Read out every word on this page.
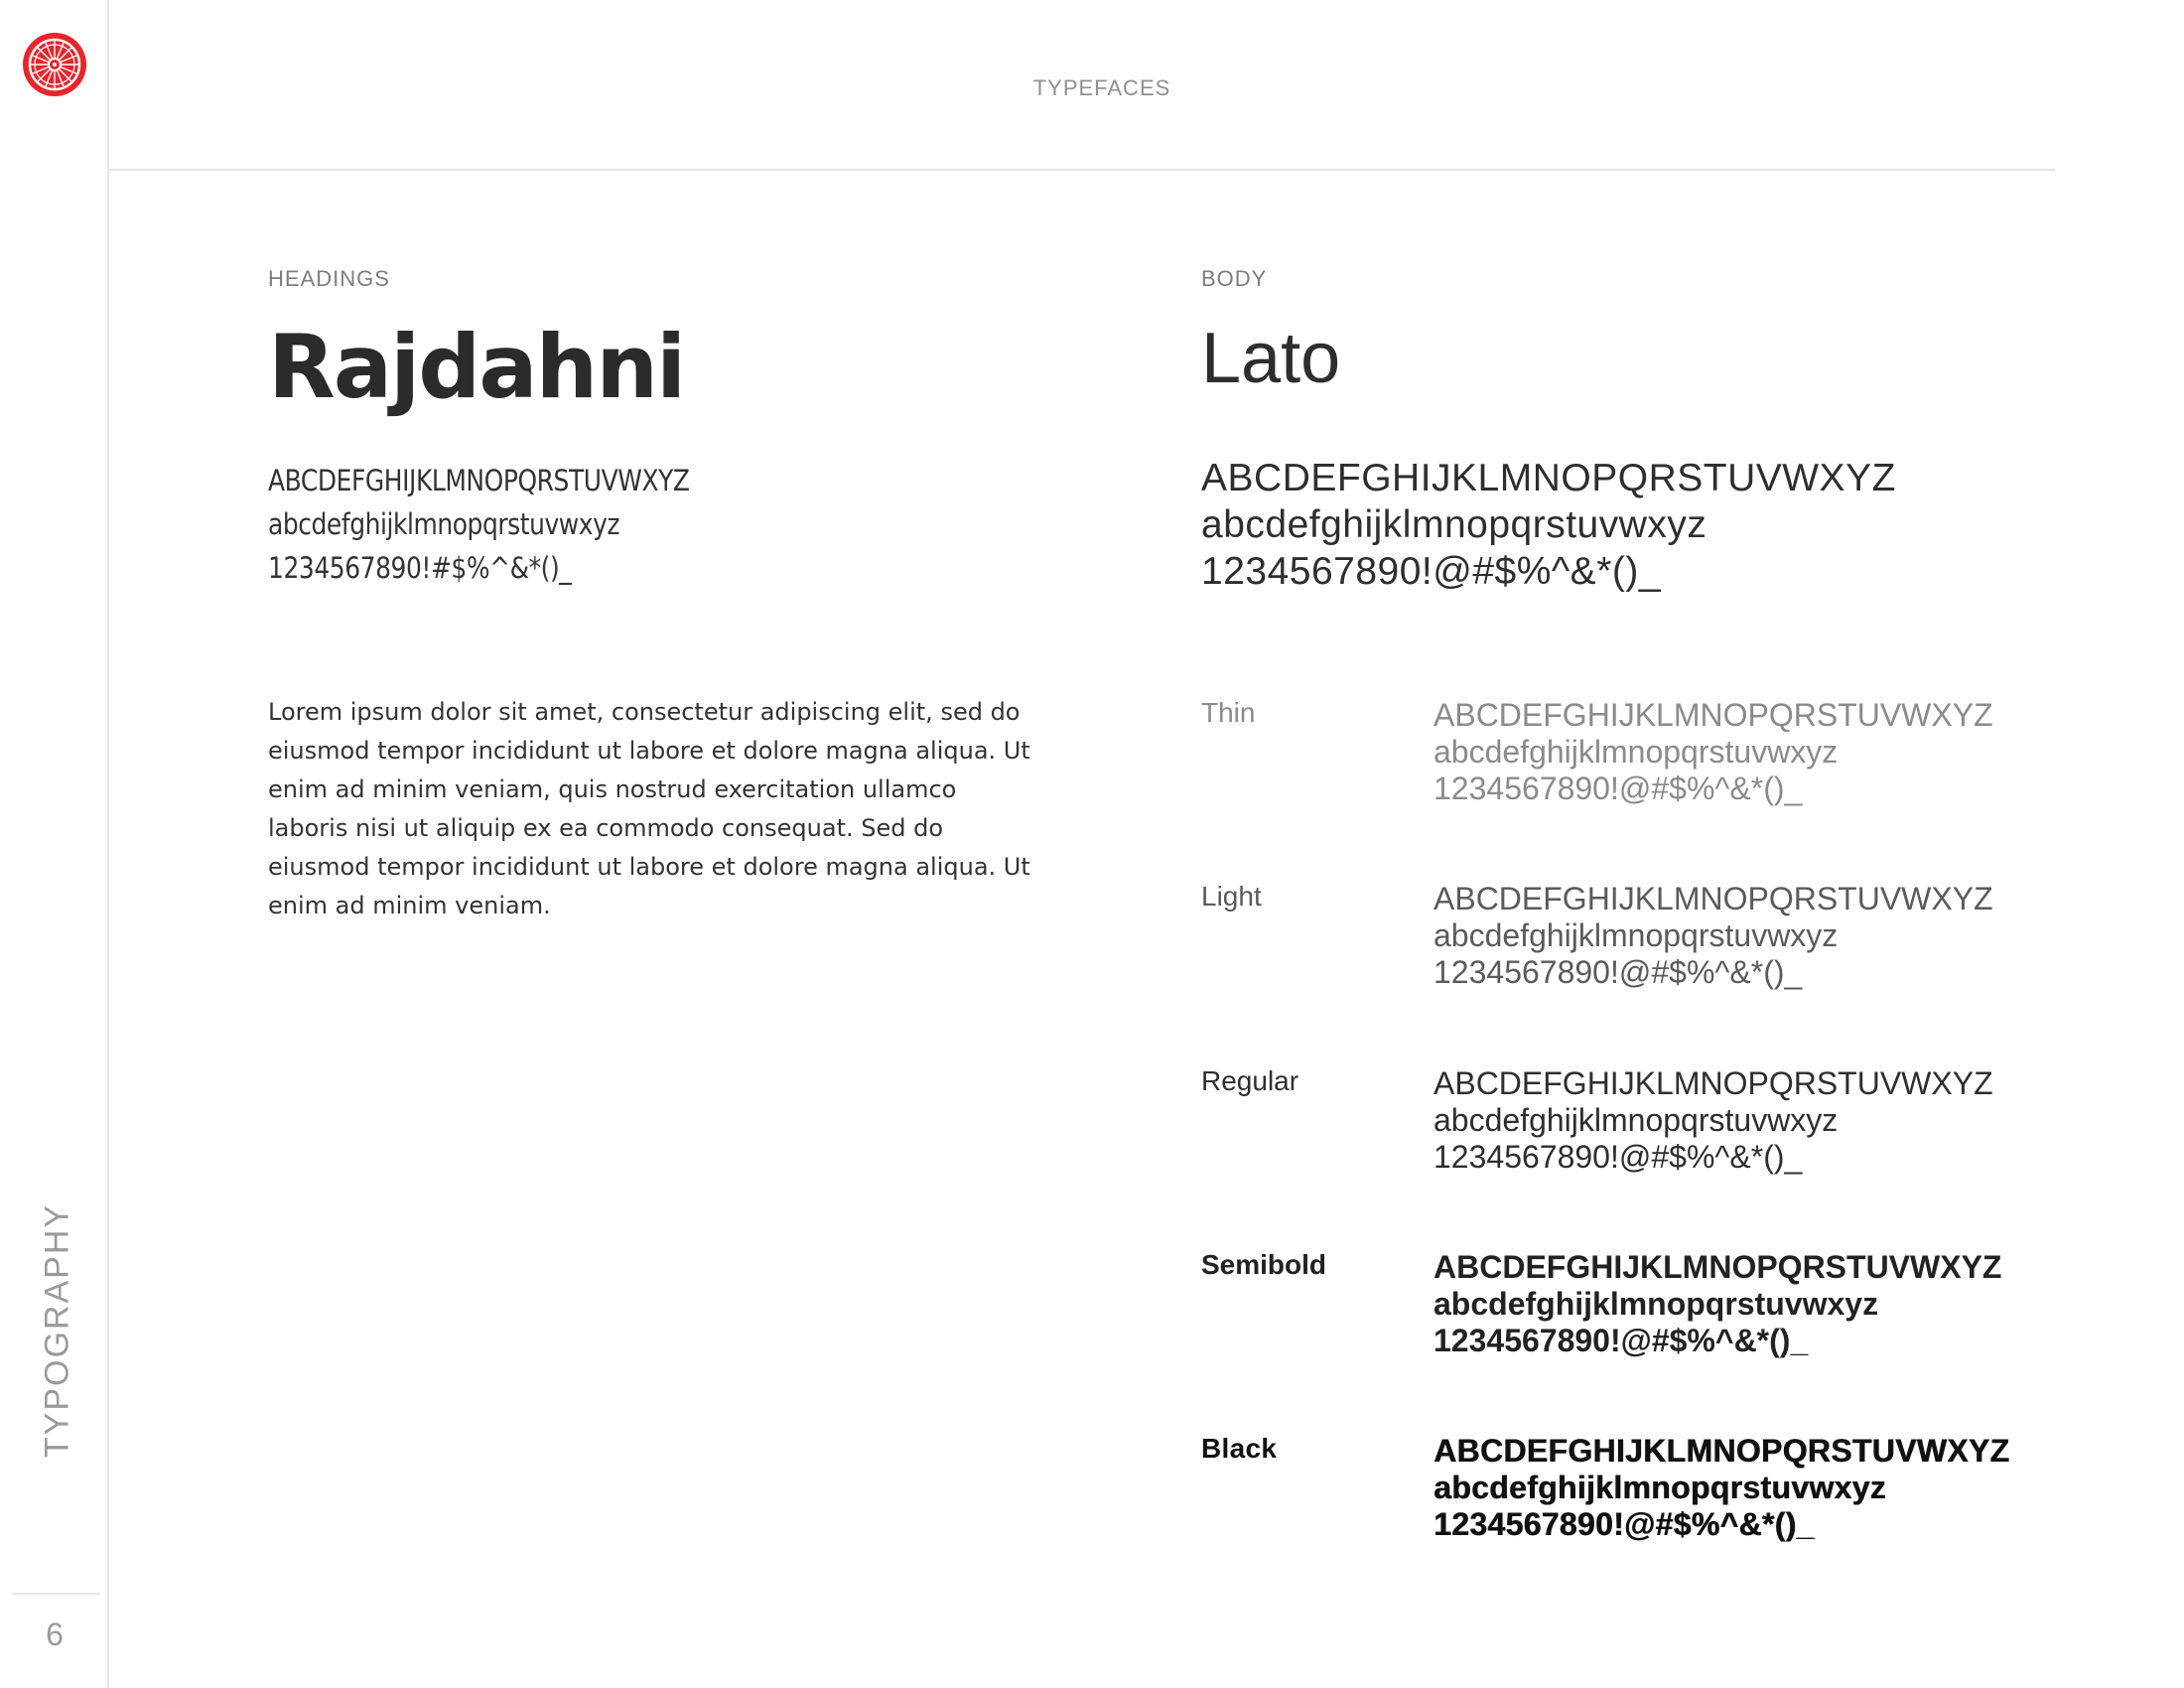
TYPOGRAPHY
6
TYPEFACES
HEADINGS
Rajdahni
ABCDEFGHIJKLMNOPQRSTUVWXYZ
abcdefghijklmnopqrstuvwxyz
1234567890!#$%^&*()_
Lorem ipsum dolor sit amet, consectetur adipiscing elit, sed do eiusmod tempor incididunt ut labore et dolore magna aliqua. Ut enim ad minim veniam, quis nostrud exercitation ullamco laboris nisi ut aliquip ex ea commodo consequat. Sed do eiusmod tempor incididunt ut labore et dolore magna aliqua. Ut enim ad minim veniam.
BODY
Lato
ABCDEFGHIJKLMNOPQRSTUVWXYZ
abcdefghijklmnopqrstuvwxyz
1234567890!@#$%^&*()_
Thin	ABCDEFGHIJKLMNOPQRSTUVWXYZ
abcdefghijklmnopqrstuvwxyz
1234567890!@#$%^&*()_
Light	ABCDEFGHIJKLMNOPQRSTUVWXYZ
abcdefghijklmnopqrstuvwxyz
1234567890!@#$%^&*()_
Regular	ABCDEFGHIJKLMNOPQRSTUVWXYZ
abcdefghijklmnopqrstuvwxyz
1234567890!@#$%^&*()_
Semibold	ABCDEFGHIJKLMNOPQRSTUVWXYZ
abcdefghijklmnopqrstuvwxyz
1234567890!@#$%^&*()_
Black	ABCDEFGHIJKLMNOPQRSTUVWXYZ
abcdefghijklmnopqrstuvwxyz
1234567890!@#$%^&*()_
